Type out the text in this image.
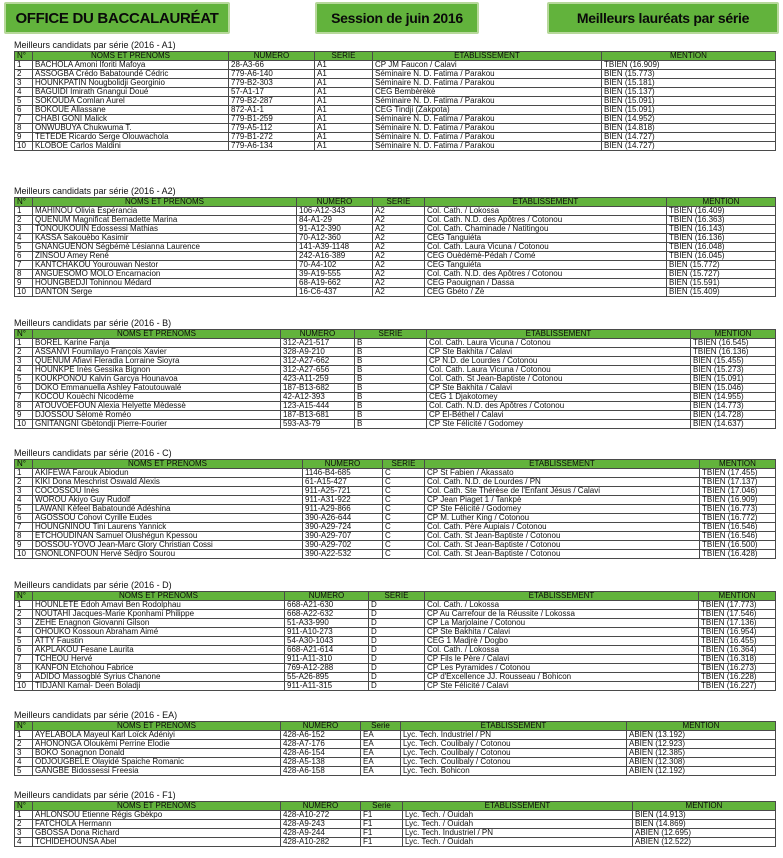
OFFICE DU BACCALAURÉAT	Session de juin 2016	Meilleurs lauréats par série
Meilleurs candidats par série (2016 - A1)
N°	NOMS ET PRENOMS	NUMERO	SERIE	ETABLISSEMENT	MENTION
1	BACHOLA Amoni Iforiti Mafoya	28-A3-66	A1	CP JM Faucon / Calavi	TBIEN (16.909)
2	ASSOGBA Crédo Babatoundé Cédric	779-A6-140	A1	Séminaire N. D. Fatima / Parakou	BIEN (15.773)
3	HOUNKPATIN Nougbolidji Georginio	779-B2-303	A1	Séminaire N. D. Fatima / Parakou	BIEN (15.181)
4	BAGUIDI Imirath Gnangui Doué	57-A1-17	A1	CEG Bembèrèkè	BIEN (15.137)
5	SOKOUDA Comlan Aurel	779-B2-287	A1	Séminaire N. D. Fatima / Parakou	BIEN (15.091)
6	BOKOUE Allassane	872-A1-1	A1	CEG Tindji (Zakpota)	BIEN (15.091)
7	CHABI GONI Malick	779-B1-259	A1	Séminaire N. D. Fatima / Parakou	BIEN (14.952)
8	ONWUBUYA Chukwuma T.	779-A5-112	A1	Séminaire N. D. Fatima / Parakou	BIEN (14.818)
9	TETEDE Ricardo Serge Olouwachola	779-B1-272	A1	Séminaire N. D. Fatima / Parakou	BIEN (14.727)
10	KLOBOE Carlos Maldini	779-A6-134	A1	Séminaire N. D. Fatima / Parakou	BIEN (14.727)
Meilleurs candidats par série (2016 - A2)
N°	NOMS ET PRENOMS	NUMERO	SERIE	ETABLISSEMENT	MENTION
1	MAHINOU Olivia Espérancia	106-A12-343	A2	Col. Cath. / Lokossa	TBIEN (16.409)
2	QUENUM Magnificat Bernadette Marina	84-A1-29	A2	Col. Cath. N.D. des Apôtres / Cotonou	TBIEN (16.363)
3	TONOUKOUIN Edossessi Mathias	91-A12-390	A2	Col. Cath. Chaminade / Natitingou	TBIEN (16.143)
4	KASSA Sakouèbo Kasimir	70-A12-360	A2	CEG Tanguiéta	TBIEN (16.136)
5	GNANGUENON Ségbémè Lésianna Laurence	141-A39-1148	A2	Col. Cath. Laura Vicuna / Cotonou	TBIEN (16.048)
6	ZINSOU Amey René	242-A16-389	A2	CEG Ouèdèmè-Pédah / Comé	TBIEN (16.045)
7	KANTCHAKOU Yourouwan Nestor	70-A4-102	A2	CEG Tanguiéta	BIEN (15.772)
8	ANGUESOMO MOLO Encarnacion	39-A19-555	A2	Col. Cath. N.D. des Apôtres / Cotonou	BIEN (15.727)
9	HOUNGBEDJI Tohinnou Médard	68-A19-662	A2	CEG Paouignan / Dassa	BIEN (15.591)
10	DANTON Serge	16-C6-437	A2	CEG Gbéto / Zè	BIEN (15.409)
Meilleurs candidats par série (2016 - B)
N°	NOMS ET PRENOMS	NUMERO	SERIE	ETABLISSEMENT	MENTION
1	BOREL Karine Fanja	312-A21-517	B	Col. Cath. Laura Vicuna / Cotonou	TBIEN (16.545)
2	ASSANVI Foumilayo François Xavier	328-A9-210	B	CP Ste Bakhita / Calavi	TBIEN (16.136)
3	QUENUM Afiavi Fleradia Lorraine Sioyra	312-A27-662	B	CP N.D. de Lourdes / Cotonou	BIEN (15.455)
4	HOUNKPE Inès Gessika Bignon	312-A27-656	B	Col. Cath. Laura Vicuna / Cotonou	BIEN (15.273)
5	KOUKPONOU Kalvin Garcya Hounavoa	423-A11-259	B	Col. Cath. St Jean-Baptiste / Cotonou	BIEN (15.091)
6	DOKO Emmanuella Ashley Fatoutouwalé	187-B13-682	B	CP Ste Bakhita / Calavi	BIEN (15.046)
7	KOCOU Kouèchi Nicodème	42-A12-393	B	CEG 1 Djakotomey	BIEN (14.955)
8	ATOUVOEFOUN Alexia Helyette Mèdessè	123-A15-444	B	Col. Cath. N.D. des Apôtres / Cotonou	BIEN (14.773)
9	DJOSSOU Sèlomè Roméo	187-B13-681	B	CP El-Béthel / Calavi	BIEN (14.728)
10	GNITANGNI Gbètondji Pierre-Fourier	593-A3-79	B	CP Ste Félicité / Godomey	BIEN (14.637)
Meilleurs candidats par série (2016 - C)
N°	NOMS ET PRENOMS	NUMERO	SERIE	ETABLISSEMENT	MENTION
1	AKIFEWA Farouk Abiodun	1146-B4-685	C	CP St Fabien / Akassato	TBIEN (17.455)
2	KIKI Dona Meschrist Oswald Alexis	61-A15-427	C	Col. Cath. N.D. de Lourdes / PN	TBIEN (17.137)
3	COCOSSOU Inès	911-A25-721	C	Col. Cath. Ste Thérèse de l'Enfant Jésus / Calavi	TBIEN (17.046)
4	WOROU Akiyo Guy Rudolf	911-A31-922	C	CP Jean Piaget 1 / Tankpè	TBIEN (16.909)
5	LAWANI Kèfeel Babatoundé Adéshina	911-A29-866	C	CP Ste Félicité / Godomey	TBIEN (16.773)
6	AGOSSOU Cohovi Cyrille Eudes	390-A26-644	C	CP M. Luther King / Cotonou	TBIEN (16.772)
7	HOUNGNINOU Tini Laurens Yannick	390-A29-724	C	Col. Cath. Père Aupiais / Cotonou	TBIEN (16.546)
8	ETCHOUDINAN Samuel Olushégun Kpessou	390-A29-707	C	Col. Cath. St Jean-Baptiste / Cotonou	TBIEN (16.546)
9	DOSSOU-YOVO Jean-Marc Glory Christian Cossi	390-A29-702	C	Col. Cath. St Jean-Baptiste / Cotonou	TBIEN (16.500)
10	GNONLONFOUN Hervé Sèdjro Sourou	390-A22-532	C	Col. Cath. St Jean-Baptiste / Cotonou	TBIEN (16.428)
Meilleurs candidats par série (2016 - D)
N°	NOMS ET PRENOMS	NUMERO	SERIE	ETABLISSEMENT	MENTION
1	HOUNLETE Edoh Amavi Ben Rodolphau	668-A21-630	D	Col. Cath. / Lokossa	TBIEN (17.773)
2	NOUTAHI Jacques-Marie Kponhami Philippe	668-A22-632	D	CP Au Carrefour de la Réussite / Lokossa	TBIEN (17.546)
3	ZEHE Enagnon Giovanni Gilson	51-A33-990	D	CP La Marjolaine / Cotonou	TBIEN (17.136)
4	OHOUKO Kossoun Abraham Aimé	911-A10-273	D	CP Ste Bakhita / Calavi	TBIEN (16.954)
5	ATTY Faustin	54-A30-1043	D	CEG 1 Madjrè / Dogbo	TBIEN (16.455)
6	AKPLAKOU Fesane Laurita	668-A21-614	D	Col. Cath. / Lokossa	TBIEN (16.364)
7	TCHEOU Hervé	911-A11-310	D	CP Fils le Père / Calavi	TBIEN (16.318)
8	KANFON Etchohou Fabrice	769-A12-288	D	CP Les Pyramides / Cotonou	TBIEN (16.273)
9	ADIDO Massogblé Syrius Chanone	55-A26-895	D	CP d'Excellence JJ. Rousseau / Bohicon	TBIEN (16.228)
10	TIDJANI Kamal- Deen Boladji	911-A11-315	D	CP Ste Félicité / Calavi	TBIEN (16.227)
Meilleurs candidats par série (2016 - EA)
N°	NOMS ET PRENOMS	NUMERO	Serie	ETABLISSEMENT	MENTION
1	AYELABOLA Mayeul Karl Loïck Adéniyi	428-A6-152	EA	Lyc. Tech. Industriel / PN	ABIEN (13.192)
2	AHONONGA Oloukèmi Perrine Elodie	428-A7-176	EA	Lyc. Tech. Coulibaly / Cotonou	ABIEN (12.923)
3	BOKO Sonagnon Donald	428-A6-154	EA	Lyc. Tech. Coulibaly / Cotonou	ABIEN (12.385)
4	ODJOUGBELE Olayidé Spaiche Romanic	428-A5-138	EA	Lyc. Tech. Coulibaly / Cotonou	ABIEN (12.308)
5	GANGBE Bidossessi Freesia	428-A6-158	EA	Lyc. Tech. Bohicon	ABIEN (12.192)
Meilleurs candidats par série (2016 - F1)
N°	NOMS ET PRENOMS	NUMERO	Serie	ETABLISSEMENT	MENTION
1	AHLONSOU Etienne Régis Gbèkpo	428-A10-272	F1	Lyc. Tech. / Ouidah	BIEN (14.913)
2	FATCHOLA Hermann	428-A9-243	F1	Lyc. Tech. / Ouidah	BIEN (14.869)
3	GBOSSA Dona Richard	428-A9-244	F1	Lyc. Tech. Industriel / PN	ABIEN (12.695)
4	TCHIDEHOUNSA Abel	428-A10-282	F1	Lyc. Tech. / Ouidah	ABIEN (12.522)
